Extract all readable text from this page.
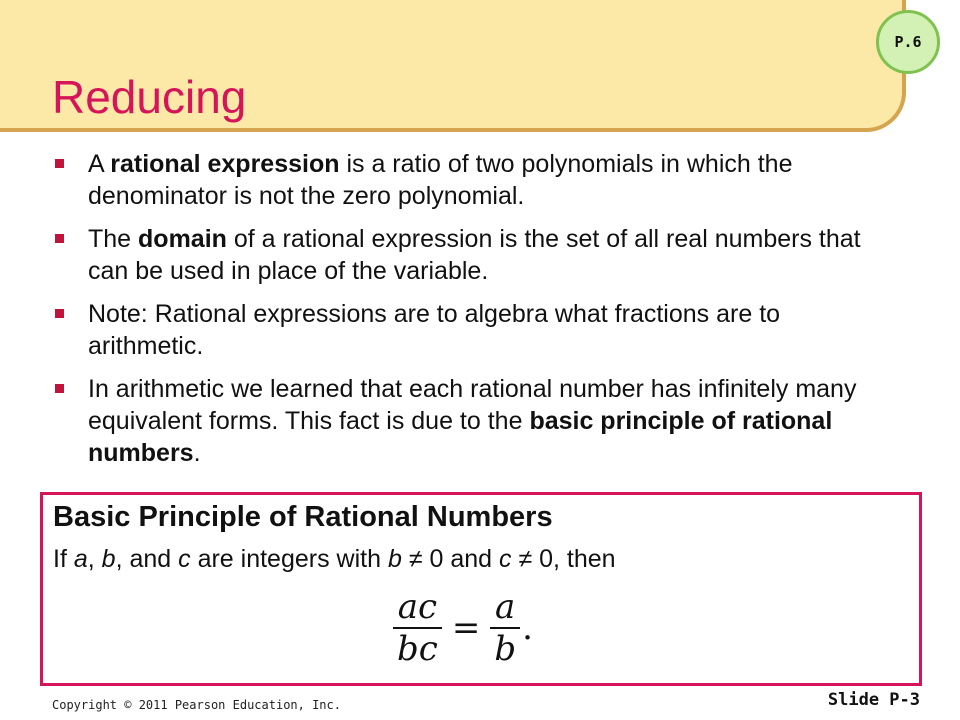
Reducing
P.6
A rational expression is a ratio of two polynomials in which the denominator is not the zero polynomial.
The domain of a rational expression is the set of all real numbers that can be used in place of the variable.
Note: Rational expressions are to algebra what fractions are to arithmetic.
In arithmetic we learned that each rational number has infinitely many equivalent forms. This fact is due to the basic principle of rational numbers.
Basic Principle of Rational Numbers
If a, b, and c are integers with b ≠ 0 and c ≠ 0, then
$\frac{ac}{bc} = \frac{a}{b}$ .
Copyright © 2011 Pearson Education, Inc.	Slide P-3
